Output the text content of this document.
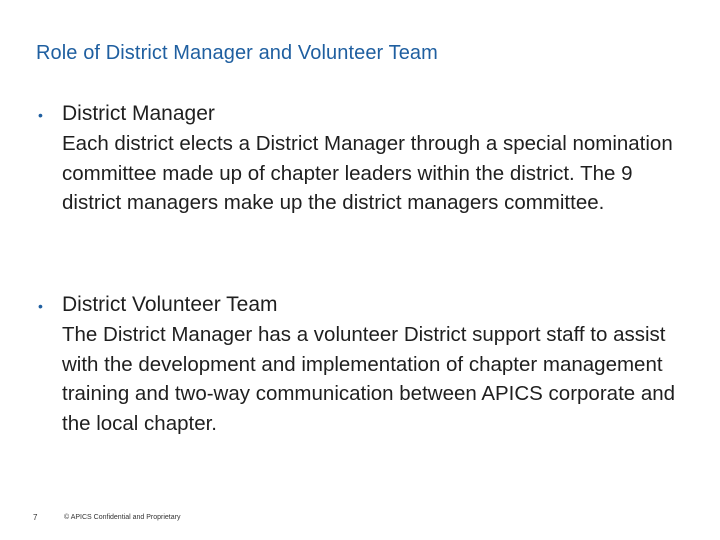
Role of District Manager and Volunteer Team
• District Manager
Each district elects a District Manager through a special nomination committee made up of chapter leaders within the district. The 9 district managers make up the district managers committee.
• District Volunteer Team
The District Manager has a volunteer District support staff to assist with the development and implementation of chapter management training and two-way communication between APICS corporate and the local chapter.
7	© APICS Confidential and Proprietary
